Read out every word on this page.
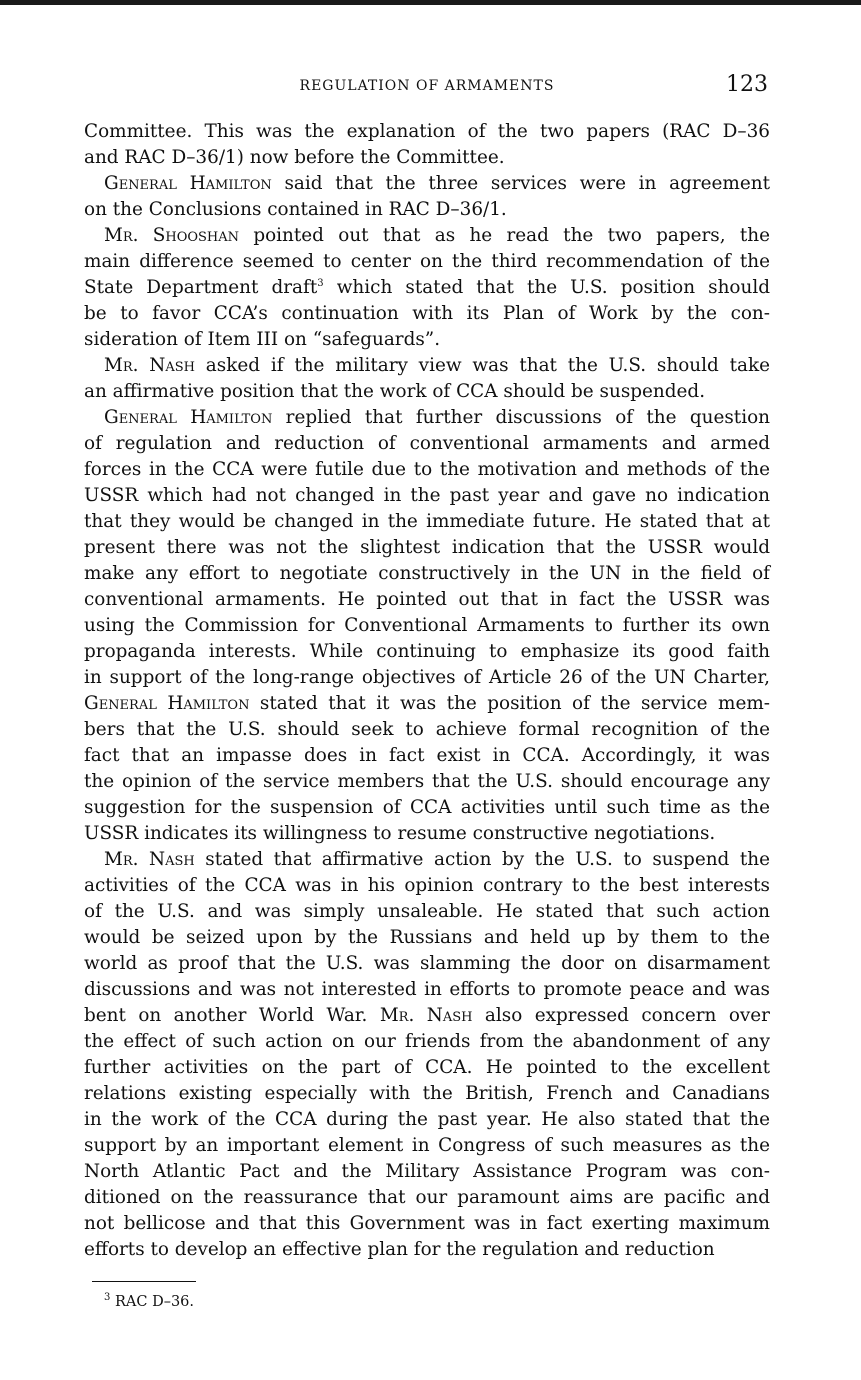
REGULATION OF ARMAMENTS	123
Committee. This was the explanation of the two papers (RAC D–36
and RAC D–36/1) now before the Committee.
General Hamilton said that the three services were in agreement
on the Conclusions contained in RAC D–36/1.
Mr. Shooshan pointed out that as he read the two papers, the
main difference seemed to center on the third recommendation of the
State Department draft$^3$ which stated that the U.S. position should
be to favor CCA’s continuation with its Plan of Work by the con-
sideration of Item III on “safeguards”.
Mr. Nash asked if the military view was that the U.S. should take
an affirmative position that the work of CCA should be suspended.
General Hamilton replied that further discussions of the question
of regulation and reduction of conventional armaments and armed
forces in the CCA were futile due to the motivation and methods of the
USSR which had not changed in the past year and gave no indication
that they would be changed in the immediate future. He stated that at
present there was not the slightest indication that the USSR would
make any effort to negotiate constructively in the UN in the field of
conventional armaments. He pointed out that in fact the USSR was
using the Commission for Conventional Armaments to further its own
propaganda interests. While continuing to emphasize its good faith
in support of the long-range objectives of Article 26 of the UN Charter,
General Hamilton stated that it was the position of the service mem-
bers that the U.S. should seek to achieve formal recognition of the
fact that an impasse does in fact exist in CCA. Accordingly, it was
the opinion of the service members that the U.S. should encourage any
suggestion for the suspension of CCA activities until such time as the
USSR indicates its willingness to resume constructive negotiations.
Mr. Nash stated that affirmative action by the U.S. to suspend the
activities of the CCA was in his opinion contrary to the best interests
of the U.S. and was simply unsaleable. He stated that such action
would be seized upon by the Russians and held up by them to the
world as proof that the U.S. was slamming the door on disarmament
discussions and was not interested in efforts to promote peace and was
bent on another World War. Mr. Nash also expressed concern over
the effect of such action on our friends from the abandonment of any
further activities on the part of CCA. He pointed to the excellent
relations existing especially with the British, French and Canadians
in the work of the CCA during the past year. He also stated that the
support by an important element in Congress of such measures as the
North Atlantic Pact and the Military Assistance Program was con-
ditioned on the reassurance that our paramount aims are pacific and
not bellicose and that this Government was in fact exerting maximum
efforts to develop an effective plan for the regulation and reduction
$^3$ RAC D–36.
